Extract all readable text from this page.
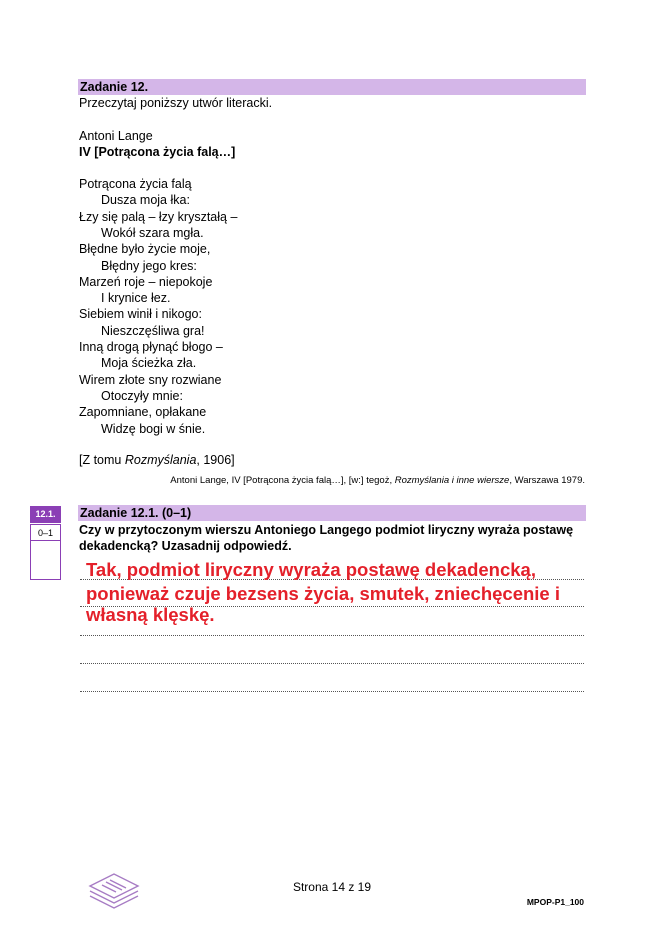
Zadanie 12.
Przeczytaj poniższy utwór literacki.
Antoni Lange
IV [Potrącona życia falą…]
Potrącona życia falą
Dusza moja łka:
Łzy się palą – łzy kryształą –
Wokół szara mgła.
Błędne było życie moje,
Błędny jego kres:
Marzeń roje – niepokoje
I krynice łez.
Siebiem winił i nikogo:
Nieszczęśliwa gra!
Inną drogą płynąć błogo –
Moja ścieżka zła.
Wirem złote sny rozwiane
Otoczyły mnie:
Zapomniane, opłakane
Widzę bogi w śnie.
[Z tomu Rozmyślania, 1906]
Antoni Lange, IV [Potrącona życia falą…], [w:] tegoż, Rozmyślania i inne wiersze, Warszawa 1979.
12.1.
0–1
Zadanie 12.1. (0–1)
Czy w przytoczonym wierszu Antoniego Langego podmiot liryczny wyraża postawę
dekadencką? Uzasadnij odpowiedź.
Tak, podmiot liryczny wyraża postawę dekadencką,
ponieważ czuje bezsens życia, smutek, zniechęcenie i
własną klęskę.
Strona 14 z 19
MPOP-P1_100
